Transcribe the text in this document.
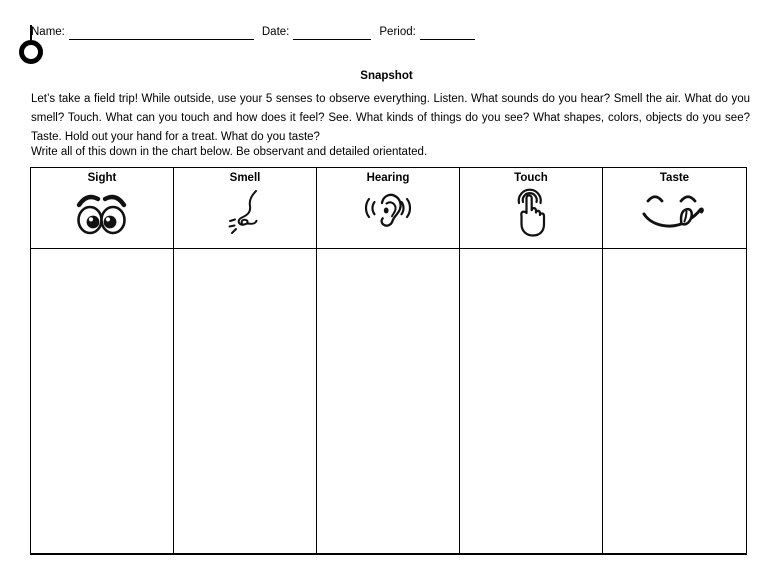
Name:	Date:	Period:
Snapshot

Let’s take a field trip! While outside, use your 5 senses to observe everything. Listen. What sounds do you hear? Smell the air. What do you smell? Touch. What can you touch and how does it feel? See. What kinds of things do you see? What shapes, colors, objects do you see? Taste. Hold out your hand for a treat. What do you taste?

Write all of this down in the chart below. Be observant and detailed orientated.

Sight	Smell	Hearing	Touch	Taste
